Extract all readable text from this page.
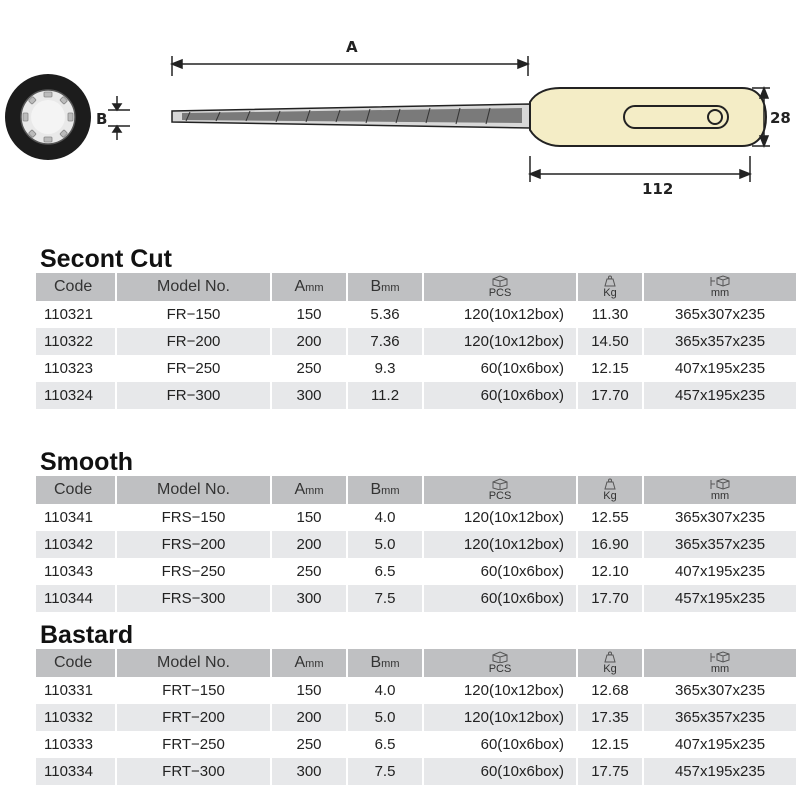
B
A
28
112
Secont Cut
Code	Model No.	Amm	Bmm	PCS	Kg	mm

110321	FR−150	150	5.36	120(10x12box)	11.30	365x307x235
110322	FR−200	200	7.36	120(10x12box)	14.50	365x357x235
110323	FR−250	250	9.3	60(10x6box)	12.15	407x195x235
110324	FR−300	300	11.2	60(10x6box)	17.70	457x195x235
Smooth
Code	Model No.	Amm	Bmm	PCS	Kg	mm

110341	FRS−150	150	4.0	120(10x12box)	12.55	365x307x235
110342	FRS−200	200	5.0	120(10x12box)	16.90	365x357x235
110343	FRS−250	250	6.5	60(10x6box)	12.10	407x195x235
110344	FRS−300	300	7.5	60(10x6box)	17.70	457x195x235
Bastard
Code	Model No.	Amm	Bmm	PCS	Kg	mm

110331	FRT−150	150	4.0	120(10x12box)	12.68	365x307x235
110332	FRT−200	200	5.0	120(10x12box)	17.35	365x357x235
110333	FRT−250	250	6.5	60(10x6box)	12.15	407x195x235
110334	FRT−300	300	7.5	60(10x6box)	17.75	457x195x235
